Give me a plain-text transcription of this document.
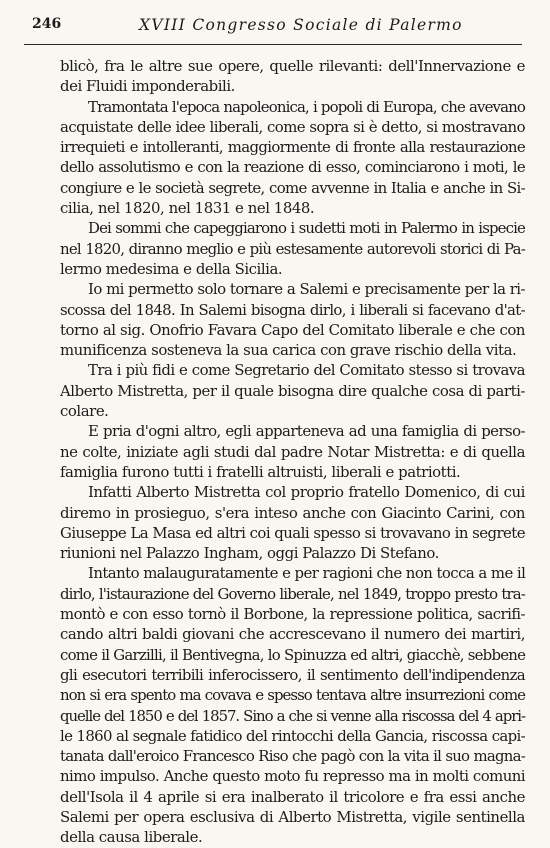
246	XVIII Congresso Sociale di Palermo
blicò, fra le altre sue opere, quelle rilevanti: dell'Innervazione e
dei Fluidi imponderabili.
Tramontata l'epoca napoleonica, i popoli di Europa, che avevano
acquistate delle idee liberali, come sopra si è detto, si mostravano
irrequieti e intolleranti, maggiormente di fronte alla restaurazione
dello assolutismo e con la reazione di esso, cominciarono i moti, le
congiure e le società segrete, come avvenne in Italia e anche in Si-
cilia, nel 1820, nel 1831 e nel 1848.
Dei sommi che capeggiarono i sudetti moti in Palermo in ispecie
nel 1820, diranno meglio e più estesamente autorevoli storici di Pa-
lermo medesima e della Sicilia.
Io mi permetto solo tornare a Salemi e precisamente per la ri-
scossa del 1848. In Salemi bisogna dirlo, i liberali si facevano d'at-
torno al sig. Onofrio Favara Capo del Comitato liberale e che con
munificenza sosteneva la sua carica con grave rischio della vita.
Tra i più fidi e come Segretario del Comitato stesso si trovava
Alberto Mistretta, per il quale bisogna dire qualche cosa di parti-
colare.
E pria d'ogni altro, egli apparteneva ad una famiglia di perso-
ne colte, iniziate agli studi dal padre Notar Mistretta: e di quella
famiglia furono tutti i fratelli altruisti, liberali e patriotti.
Infatti Alberto Mistretta col proprio fratello Domenico, di cui
diremo in prosieguo, s'era inteso anche con Giacinto Carini, con
Giuseppe La Masa ed altri coi quali spesso si trovavano in segrete
riunioni nel Palazzo Ingham, oggi Palazzo Di Stefano.
Intanto malauguratamente e per ragioni che non tocca a me il
dirlo, l'istaurazione del Governo liberale, nel 1849, troppo presto tra-
montò e con esso tornò il Borbone, la repressione politica, sacrifi-
cando altri baldi giovani che accrescevano il numero dei martiri,
come il Garzilli, il Bentivegna, lo Spinuzza ed altri, giacchè, sebbene
gli esecutori terribili inferocissero, il sentimento dell'indipendenza
non si era spento ma covava e spesso tentava altre insurrezioni come
quelle del 1850 e del 1857. Sino a che si venne alla riscossa del 4 apri-
le 1860 al segnale fatidico del rintocchi della Gancia, riscossa capi-
tanata dall'eroico Francesco Riso che pagò con la vita il suo magna-
nimo impulso. Anche questo moto fu represso ma in molti comuni
dell'Isola il 4 aprile si era inalberato il tricolore e fra essi anche
Salemi per opera esclusiva di Alberto Mistretta, vigile sentinella
della causa liberale.
